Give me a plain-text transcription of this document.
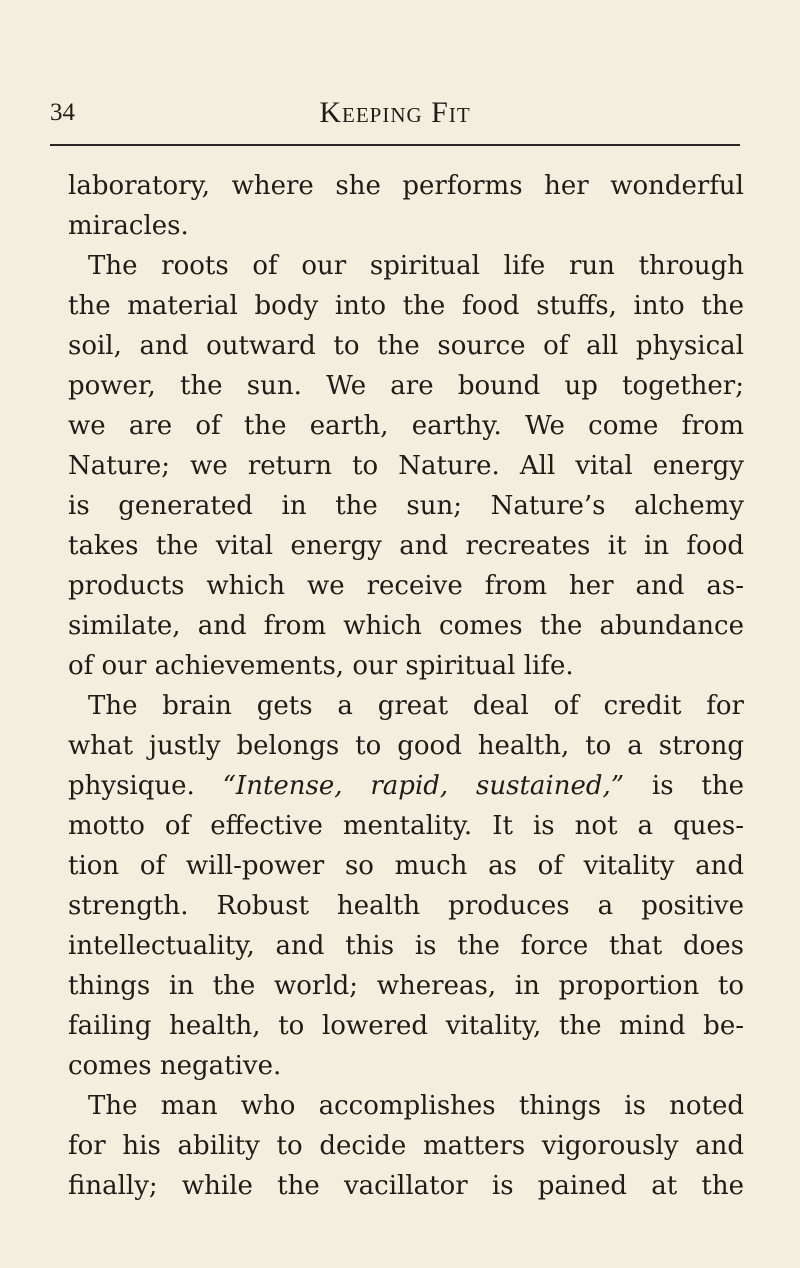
34	Keeping Fit
laboratory, where she performs her wonderful
miracles.
The roots of our spiritual life run through
the material body into the food stuffs, into the
soil, and outward to the source of all physical
power, the sun. We are bound up together;
we are of the earth, earthy. We come from
Nature; we return to Nature. All vital energy
is generated in the sun; Nature’s alchemy
takes the vital energy and recreates it in food
products which we receive from her and as-
similate, and from which comes the abundance
of our achievements, our spiritual life.
The brain gets a great deal of credit for
what justly belongs to good health, to a strong
physique. “Intense, rapid, sustained,” is the
motto of effective mentality. It is not a ques-
tion of will-power so much as of vitality and
strength. Robust health produces a positive
intellectuality, and this is the force that does
things in the world; whereas, in proportion to
failing health, to lowered vitality, the mind be-
comes negative.
The man who accomplishes things is noted
for his ability to decide matters vigorously and
finally; while the vacillator is pained at the
